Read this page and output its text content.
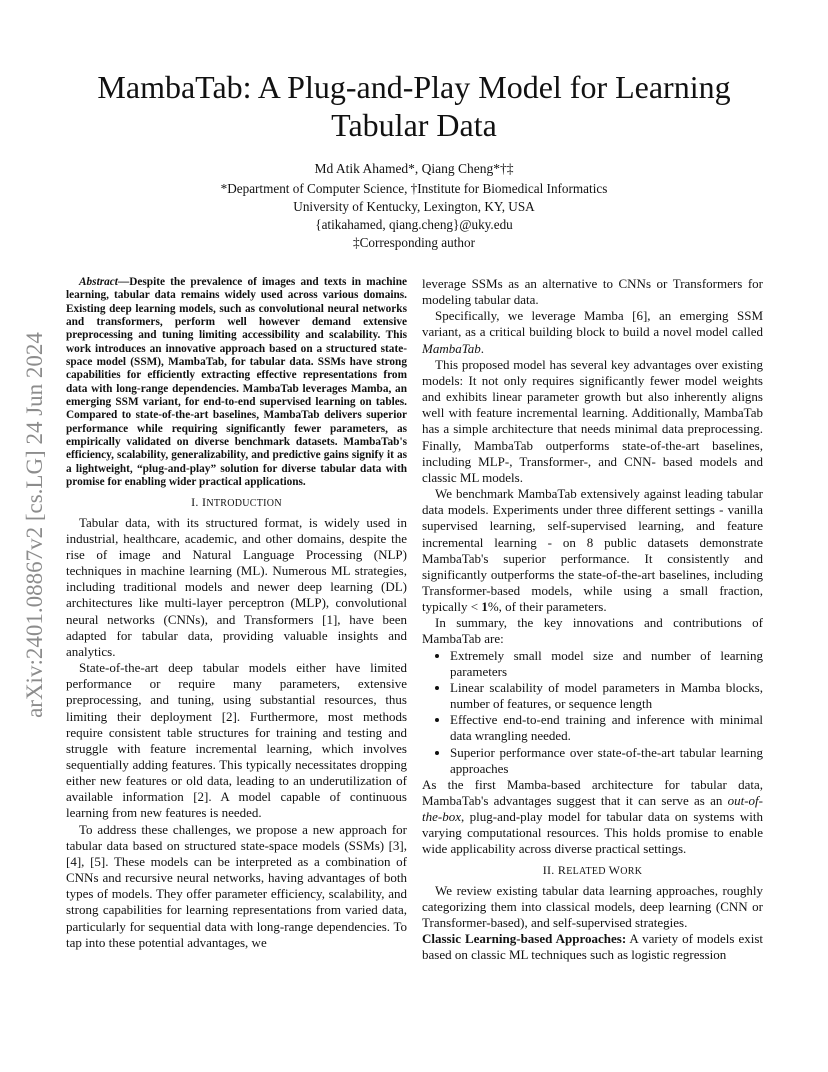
arXiv:2401.08867v2 [cs.LG] 24 Jun 2024
MambaTab: A Plug-and-Play Model for Learning Tabular Data
Md Atik Ahamed*, Qiang Cheng*†‡
*Department of Computer Science, †Institute for Biomedical Informatics
University of Kentucky, Lexington, KY, USA
{atikahamed, qiang.cheng}@uky.edu
‡Corresponding author

Abstract—Despite the prevalence of images and texts in machine learning, tabular data remains widely used across various domains. Existing deep learning models, such as convolutional neural networks and transformers, perform well however demand extensive preprocessing and tuning limiting accessibility and scalability. This work introduces an innovative approach based on a structured state-space model (SSM), MambaTab, for tabular data. SSMs have strong capabilities for efficiently extracting effective representations from data with long-range dependencies. MambaTab leverages Mamba, an emerging SSM variant, for end-to-end supervised learning on tables. Compared to state-of-the-art baselines, MambaTab delivers superior performance while requiring significantly fewer parameters, as empirically validated on diverse benchmark datasets. MambaTab's efficiency, scalability, generalizability, and predictive gains signify it as a lightweight, “plug-and-play” solution for diverse tabular data with promise for enabling wider practical applications.

I. INTRODUCTION

Tabular data, with its structured format, is widely used in industrial, healthcare, academic, and other domains, despite the rise of image and Natural Language Processing (NLP) techniques in machine learning (ML). Numerous ML strategies, including traditional models and newer deep learning (DL) architectures like multi-layer perceptron (MLP), convolutional neural networks (CNNs), and Transformers [1], have been adapted for tabular data, providing valuable insights and analytics.

State-of-the-art deep tabular models either have limited performance or require many parameters, extensive preprocessing, and tuning, using substantial resources, thus limiting their deployment [2]. Furthermore, most methods require consistent table structures for training and testing and struggle with feature incremental learning, which involves sequentially adding features. This typically necessitates dropping either new features or old data, leading to an underutilization of available information [2]. A model capable of continuous learning from new features is needed.

To address these challenges, we propose a new approach for tabular data based on structured state-space models (SSMs) [3], [4], [5]. These models can be interpreted as a combination of CNNs and recursive neural networks, having advantages of both types of models. They offer parameter efficiency, scalability, and strong capabilities for learning representations from varied data, particularly for sequential data with long-range dependencies. To tap into these potential advantages, we

leverage SSMs as an alternative to CNNs or Transformers for modeling tabular data.

Specifically, we leverage Mamba [6], an emerging SSM variant, as a critical building block to build a novel model called MambaTab.

This proposed model has several key advantages over existing models: It not only requires significantly fewer model weights and exhibits linear parameter growth but also inherently aligns well with feature incremental learning. Additionally, MambaTab has a simple architecture that needs minimal data preprocessing. Finally, MambaTab outperforms state-of-the-art baselines, including MLP-, Transformer-, and CNN- based models and classic ML models.

We benchmark MambaTab extensively against leading tabular data models. Experiments under three different settings - vanilla supervised learning, self-supervised learning, and feature incremental learning - on 8 public datasets demonstrate MambaTab's superior performance. It consistently and significantly outperforms the state-of-the-art baselines, including Transformer-based models, while using a small fraction, typically < 1%, of their parameters.

In summary, the key innovations and contributions of MambaTab are:

• Extremely small model size and number of learning parameters
• Linear scalability of model parameters in Mamba blocks, number of features, or sequence length
• Effective end-to-end training and inference with minimal data wrangling needed.
• Superior performance over state-of-the-art tabular learning approaches

As the first Mamba-based architecture for tabular data, MambaTab's advantages suggest that it can serve as an out-of-the-box, plug-and-play model for tabular data on systems with varying computational resources. This holds promise to enable wide applicability across diverse practical settings.

II. RELATED WORK

We review existing tabular data learning approaches, roughly categorizing them into classical models, deep learning (CNN or Transformer-based), and self-supervised strategies.

Classic Learning-based Approaches: A variety of models exist based on classic ML techniques such as logistic regression
